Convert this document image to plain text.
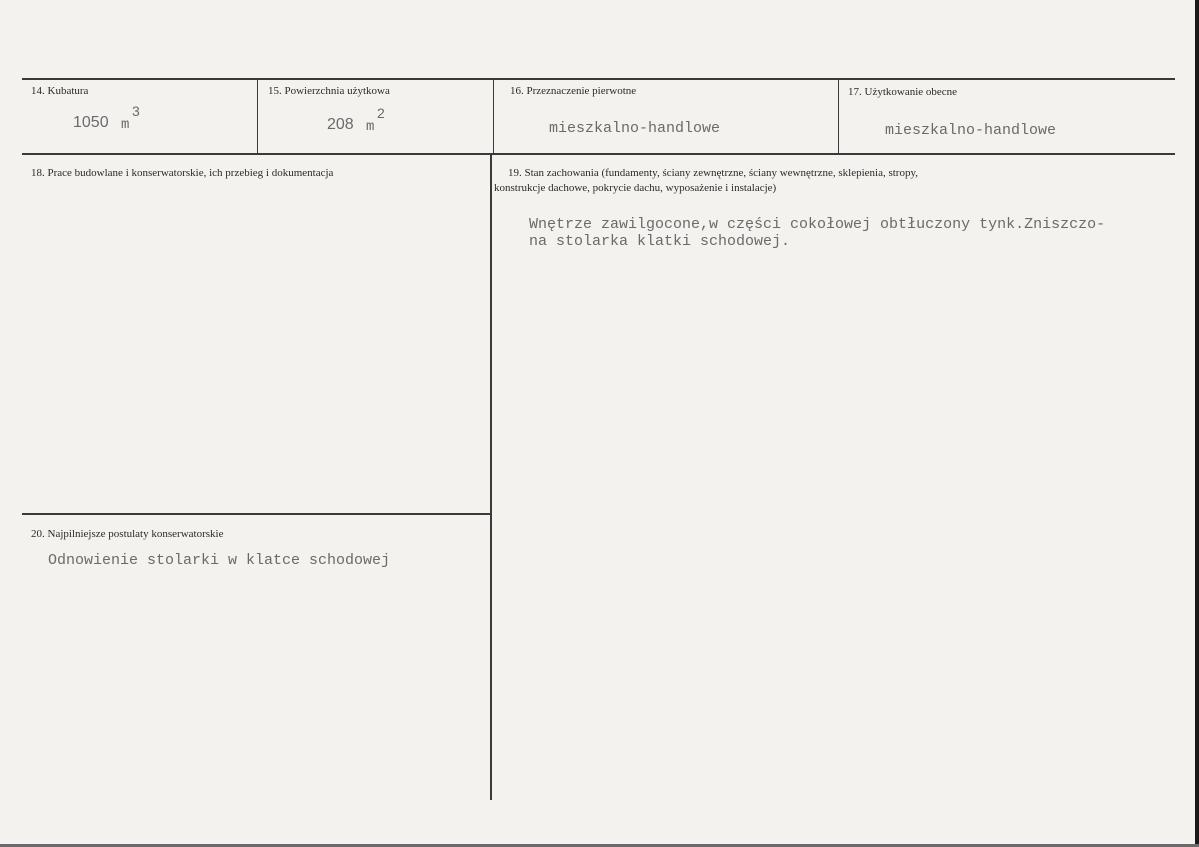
14. Kubatura
1050 m
3
15. Powierzchnia użytkowa
208 m
2
16. Przeznaczenie pierwotne
mieszkalno-handlowe
17. Użytkowanie obecne
mieszkalno-handlowe
18. Prace budowlane i konserwatorskie, ich przebieg i dokumentacja	19. Stan zachowania (fundamenty, ściany zewnętrzne, ściany wewnętrzne, sklepienia, stropy,
konstrukcje dachowe, pokrycie dachu, wyposażenie i instalacje)
Wnętrze zawilgocone,w części cokołowej obtłuczony tynk.Zniszczo-
na stolarka klatki schodowej.
20. Najpilniejsze postulaty konserwatorskie
Odnowienie stolarki w klatce schodowej
